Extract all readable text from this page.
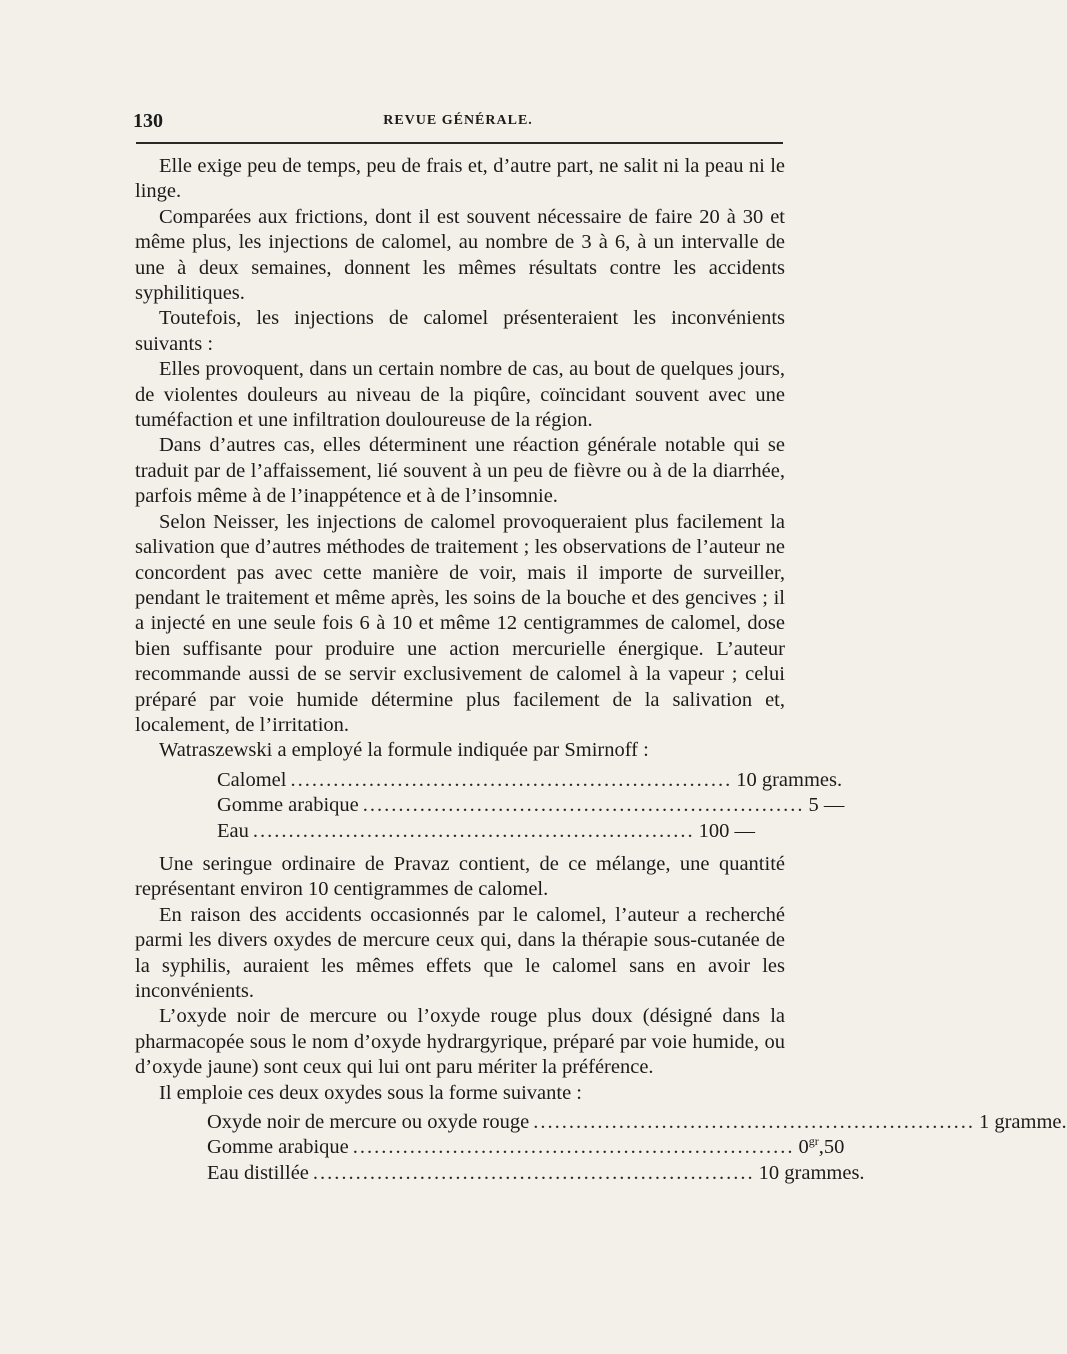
130	REVUE GÉNÉRALE.

Elle exige peu de temps, peu de frais et, d’autre part, ne salit ni la peau ni le linge.

Comparées aux frictions, dont il est souvent nécessaire de faire 20 à 30 et même plus, les injections de calomel, au nombre de 3 à 6, à un intervalle de une à deux semaines, donnent les mêmes résultats contre les accidents syphilitiques.

Toutefois, les injections de calomel présenteraient les inconvénients suivants :

Elles provoquent, dans un certain nombre de cas, au bout de quelques jours, de violentes douleurs au niveau de la piqûre, coïncidant souvent avec une tuméfaction et une infiltration douloureuse de la région.

Dans d’autres cas, elles déterminent une réaction générale notable qui se traduit par de l’affaissement, lié souvent à un peu de fièvre ou à de la diarrhée, parfois même à de l’inappétence et à de l’insomnie.

Selon Neisser, les injections de calomel provoqueraient plus facilement la salivation que d’autres méthodes de traitement ; les observations de l’auteur ne concordent pas avec cette manière de voir, mais il importe de surveiller, pendant le traitement et même après, les soins de la bouche et des gencives ; il a injecté en une seule fois 6 à 10 et même 12 centigrammes de calomel, dose bien suffisante pour produire une action mercurielle énergique. L’auteur recommande aussi de se servir exclusivement de calomel à la vapeur ; celui préparé par voie humide détermine plus facilement de la salivation et, localement, de l’irritation.

Watraszewski a employé la formule indiquée par Smirnoff :

Calomel .............................................................. 10 grammes.
Gomme arabique .............................................................. 5 —
Eau .............................................................. 100 —

Une seringue ordinaire de Pravaz contient, de ce mélange, une quantité représentant environ 10 centigrammes de calomel.

En raison des accidents occasionnés par le calomel, l’auteur a recherché parmi les divers oxydes de mercure ceux qui, dans la thérapie sous-cutanée de la syphilis, auraient les mêmes effets que le calomel sans en avoir les inconvénients.

L’oxyde noir de mercure ou l’oxyde rouge plus doux (désigné dans la pharmacopée sous le nom d’oxyde hydrargyrique, préparé par voie humide, ou d’oxyde jaune) sont ceux qui lui ont paru mériter la préférence.

Il emploie ces deux oxydes sous la forme suivante :

Oxyde noir de mercure ou oxyde rouge .............................................................. 1 gramme.
Gomme arabique .............................................................. $0^{gr},50$
Eau distillée .............................................................. 10 grammes.
